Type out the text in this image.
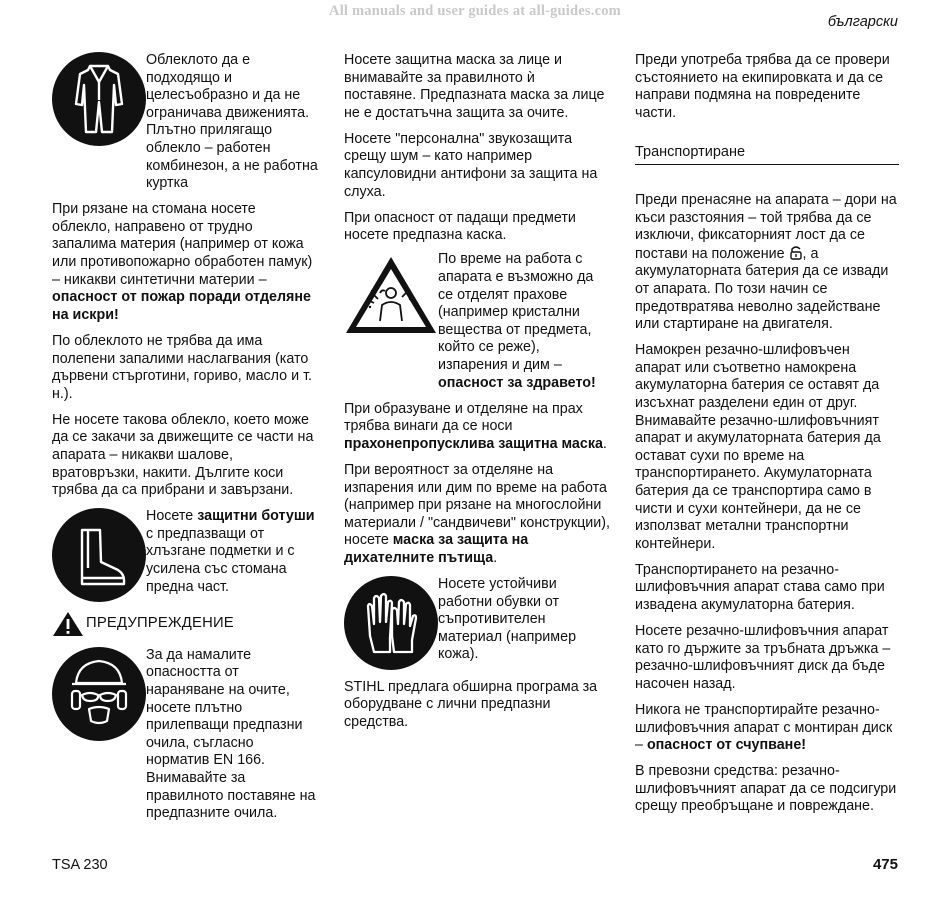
All manuals and user guides at all-guides.com
български

Облеклото да е подходящо и целесъобразно и да не ограничава движенията. Плътно прилягащо облекло – работен комбинезон, а не работна куртка

При рязане на стомана носете облекло, направено от трудно запалима материя (например от кожа или противопожарно обработен памук) – никакви синтетични материи – опасност от пожар поради отделяне на искри!

По облеклото не трябва да има полепени запалими наслагвания (като дървени стърготини, гориво, масло и т. н.).

Не носете такова облекло, което може да се закачи за движещите се части на апарата – никакви шалове, вратовръзки, накити. Дългите коси трябва да са прибрани и завързани.

Носете защитни ботуши с предпазващи от хлъзгане подметки и с усилена със стомана предна част.

ПРЕДУПРЕЖДЕНИЕ

За да намалите опасността от нараняване на очите, носете плътно прилепващи предпазни очила, съгласно норматив EN 166. Внимавайте за правилното поставяне на предпазните очила.

Носете защитна маска за лице и внимавайте за правилното ѝ поставяне. Предпазната маска за лице не е достатъчна защита за очите.

Носете "персонална" звукозащита срещу шум – като например капсуловидни антифони за защита на слуха.

При опасност от падащи предмети носете предпазна каска.

По време на работа с апарата е възможно да се отделят прахове (например кристални вещества от предмета, който се реже), изпарения и дим – опасност за здравето!

При образуване и отделяне на прах трябва винаги да се носи прахонепропусклива защитна маска.

При вероятност за отделяне на изпарения или дим по време на работа (например при рязане на многослойни материали / "сандвичеви" конструкции), носете маска за защита на дихателните пътища.

Носете устойчиви работни обувки от съпротивителен материал (например кожа).

STIHL предлага обширна програма за оборудване с лични предпазни средства.

Преди употреба трябва да се провери състоянието на екипировката и да се направи подмяна на повредените части.

Транспортиране

Преди пренасяне на апарата – дори на къси разстояния – той трябва да се изключи, фиксаторният лост да се постави на положение , а акумулаторната батерия да се извади от апарата. По този начин се предотвратява неволно задействане или стартиране на двигателя.

Намокрен резачно-шлифовъчен апарат или съответно намокрена акумулаторна батерия се оставят да изсъхнат разделени един от друг. Внимавайте резачно-шлифовъчният апарат и акумулаторната батерия да остават сухи по време на транспортирането. Акумулаторната батерия да се транспортира само в чисти и сухи контейнери, да не се използват метални транспортни контейнери.

Транспортирането на резачно-шлифовъчния апарат става само при извадена акумулаторна батерия.

Носете резачно-шлифовъчния апарат като го държите за тръбната дръжка – резачно-шлифовъчният диск да бъде насочен назад.

Никога не транспортирайте резачно-шлифовъчния апарат с монтиран диск – опасност от счупване!

В превозни средства: резачно-шлифовъчният апарат да се подсигури срещу преобръщане и повреждане.

TSA 230	475
